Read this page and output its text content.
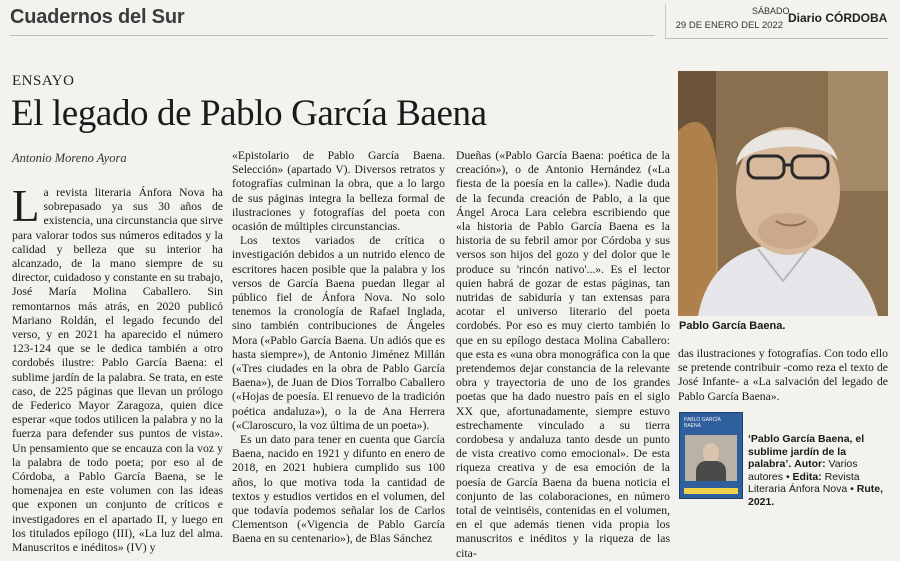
Cuadernos del Sur	SÁBADO
29 DE ENERO DEL 2022
Diario CÓRDOBA
ENSAYO
El legado de Pablo García Baena
Antonio Moreno Ayora

La revista literaria Ánfora Nova ha sobrepasado ya sus 30 años de existencia, una circunstancia que sirve para valorar todos sus números editados y la calidad y belleza que su interior ha alcanzado, de la mano siempre de su director, cuidadoso y constante en su trabajo, José María Molina Caballero. Sin remontarnos más atrás, en 2020 publicó Mariano Roldán, el legado fecundo del verso, y en 2021 ha aparecido el número 123-124 que se le dedica también a otro cordobés ilustre: Pablo García Baena: el sublime jardín de la palabra. Se trata, en este caso, de 225 páginas que llevan un prólogo de Federico Mayor Zaragoza, quien dice esperar «que todos utilicen la palabra y no la fuerza para defender sus puntos de vista». Un pensamiento que se encauza con la voz y la palabra de todo poeta; por eso al de Córdoba, a Pablo García Baena, se le homenajea en este volumen con las ideas que exponen un conjunto de críticos e investigadores en el apartado II, y luego en los titulados epílogo (III), «La luz del alma. Manuscritos e inéditos» (IV) y

«Epistolario de Pablo García Baena. Selección» (apartado V). Diversos retratos y fotografías culminan la obra, que a lo largo de sus páginas integra la belleza formal de ilustraciones y fotografías del poeta con ocasión de múltiples circunstancias.

Los textos variados de crítica o investigación debidos a un nutrido elenco de escritores hacen posible que la palabra y los versos de García Baena puedan llegar al público fiel de Ánfora Nova. No solo tenemos la cronología de Rafael Inglada, sino también contribuciones de Ángeles Mora («Pablo García Baena. Un adiós que es hasta siempre»), de Antonio Jiménez Millán («Tres ciudades en la obra de Pablo García Baena»), de Juan de Dios Torralbo Caballero («Hojas de poesía. El renuevo de la tradición poética andaluza»), o la de Ana Herrera («Claroscuro, la voz última de un poeta»).

Es un dato para tener en cuenta que García Baena, nacido en 1921 y difunto en enero de 2018, en 2021 hubiera cumplido sus 100 años, lo que motiva toda la cantidad de textos y estudios vertidos en el volumen, del que todavía podemos señalar los de Carlos Clementson («Vigencia de Pablo García Baena en su centenario»), de Blas Sánchez

Dueñas («Pablo García Baena: poética de la creación»), o de Antonio Hernández («La fiesta de la poesía en la calle»). Nadie duda de la fecunda creación de Pablo, a la que Ángel Aroca Lara celebra escribiendo que «la historia de Pablo García Baena es la historia de su febril amor por Córdoba y sus versos son hijos del gozo y del dolor que le produce su 'rincón nativo'...». Es el lector quien habrá de gozar de estas páginas, tan nutridas de sabiduría y tan extensas para acotar el universo literario del poeta cordobés. Por eso es muy cierto también lo que en su epílogo destaca Molina Caballero: que esta es «una obra monográfica con la que pretendemos dejar constancia de la relevante obra y trayectoria de uno de los grandes poetas que ha dado nuestro país en el siglo XX que, afortunadamente, siempre estuvo estrechamente vinculado a su tierra cordobesa y andaluza tanto desde un punto de vista creativo como emocional». De esta riqueza creativa y de esa emoción de la poesía de García Baena da buena noticia el conjunto de las colaboraciones, en número total de veintiséis, contenidas en el volumen, en el que además tienen vida propia los manuscritos e inéditos y la riqueza de las cita-

Pablo García Baena.

das ilustraciones y fotografías. Con todo ello se pretende contribuir -como reza el texto de José Infante- a «La salvación del legado de Pablo García Baena».

PABLO GARCÍA BAENA
‘Pablo García Baena, el sublime jardín de la palabra’. Autor: Varios autores • Edita: Revista Literaria Ánfora Nova • Rute, 2021.
